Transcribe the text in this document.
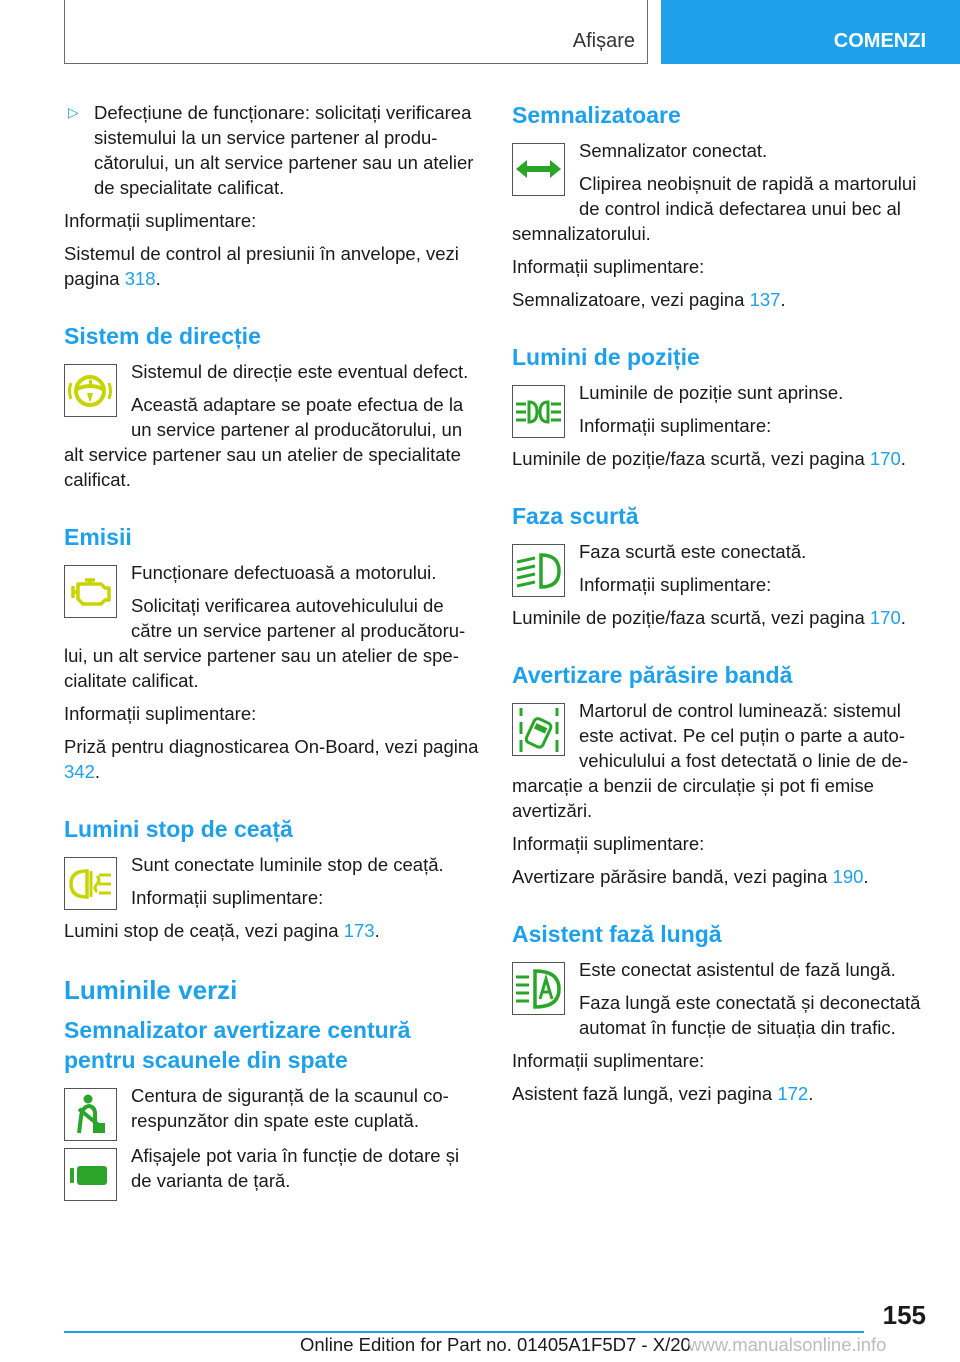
Afișare	COMENZI

▷ Defecțiune de funcționare: solicitați verificarea sistemului la un service partener al producătorului, un alt service partener sau un atelier de specialitate calificat.

Informații suplimentare:

Sistemul de control al presiunii în anvelope, vezi pagina 318.

Sistem de direcție

Sistemul de direcție este eventual defect.

Această adaptare se poate efectua de la un service partener al producătorului, un alt service partener sau un atelier de specialitate calificat.

Emisii

Funcționare defectuoasă a motorului.

Solicitați verificarea autovehiculului de către un service partener al producătorului, un alt service partener sau un atelier de specialitate calificat.

Informații suplimentare:

Priză pentru diagnosticarea On-Board, vezi pagina 342.

Lumini stop de ceață

Sunt conectate luminile stop de ceață.

Informații suplimentare:

Lumini stop de ceață, vezi pagina 173.

Luminile verzi
Semnalizator avertizare centură pentru scaunele din spate

Centura de siguranță de la scaunul corespunzător din spate este cuplată.

Afișajele pot varia în funcție de dotare și de varianta de țară.

Semnalizatoare

Semnalizator conectat.

Clipirea neobișnuit de rapidă a martorului de control indică defectarea unui bec al semnalizatorului.

Informații suplimentare:

Semnalizatoare, vezi pagina 137.

Lumini de poziție

Luminile de poziție sunt aprinse.

Informații suplimentare:

Luminile de poziție/faza scurtă, vezi pagina 170.

Faza scurtă

Faza scurtă este conectată.

Informații suplimentare:

Luminile de poziție/faza scurtă, vezi pagina 170.

Avertizare părăsire bandă

Martorul de control luminează: sistemul este activat. Pe cel puțin o parte a autovehiculului a fost detectată o linie de demarcație a benzii de circulație și pot fi emise avertizări.

Informații suplimentare:

Avertizare părăsire bandă, vezi pagina 190.

Asistent fază lungă

Este conectat asistentul de fază lungă.

Faza lungă este conectată și deconectată automat în funcție de situația din trafic.

Informații suplimentare:

Asistent fază lungă, vezi pagina 172.

155
Online Edition for Part no. 01405A1F5D7 - X/20
www.manualsonline.info
